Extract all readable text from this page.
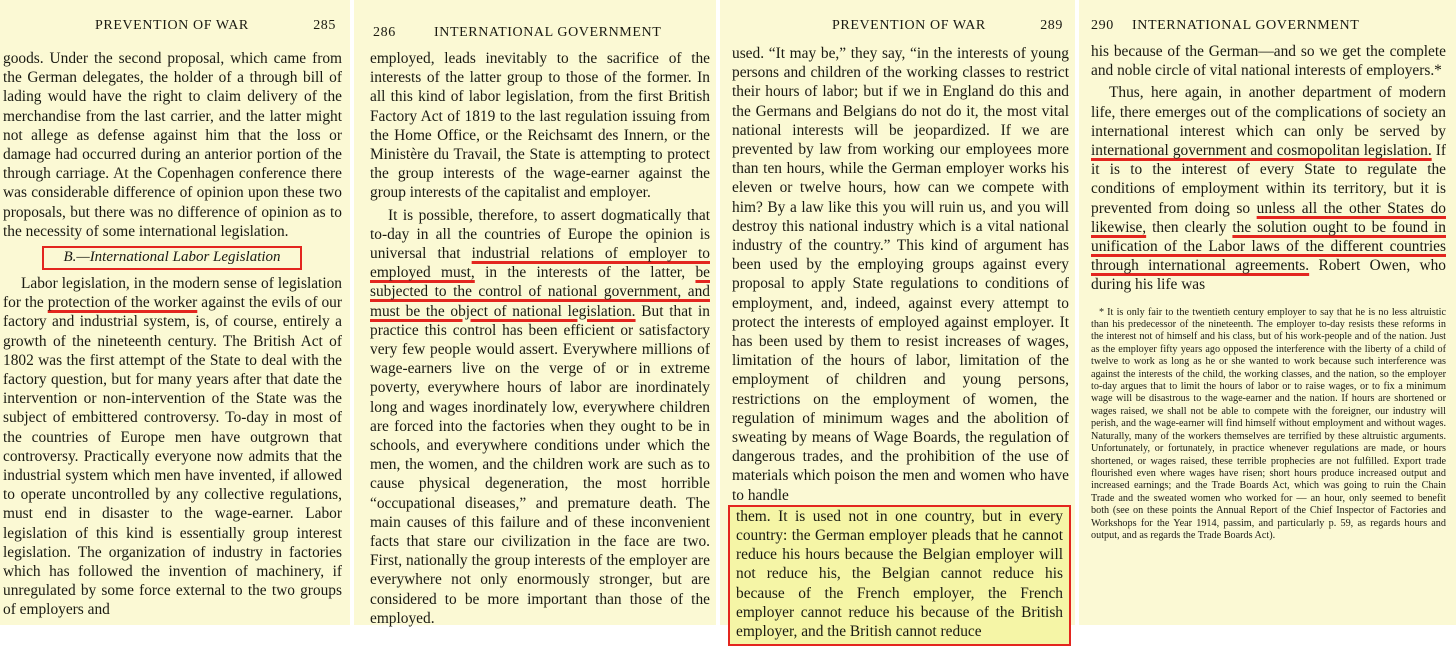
PREVENTION OF WAR	285

goods. Under the second proposal, which came from the German delegates, the holder of a through bill of lading would have the right to claim delivery of the merchandise from the last carrier, and the latter might not allege as defense against him that the loss or damage had occurred during an anterior portion of the through carriage. At the Copenhagen conference there was considerable difference of opinion upon these two proposals, but there was no difference of opinion as to the necessity of some international legislation.

B.—International Labor Legislation

Labor legislation, in the modern sense of legislation for the protection of the worker against the evils of our factory and industrial system, is, of course, entirely a growth of the nineteenth century. The British Act of 1802 was the first attempt of the State to deal with the factory question, but for many years after that date the intervention or non-intervention of the State was the subject of embittered controversy. To-day in most of the countries of Europe men have outgrown that controversy. Practically everyone now admits that the industrial system which men have invented, if allowed to operate uncontrolled by any collective regulations, must end in disaster to the wage-earner. Labor legislation of this kind is essentially group interest legislation. The organization of industry in factories which has followed the invention of machinery, if unregulated by some force external to the two groups of employers and

286	INTERNATIONAL GOVERNMENT

employed, leads inevitably to the sacrifice of the interests of the latter group to those of the former. In all this kind of labor legislation, from the first British Factory Act of 1819 to the last regulation issuing from the Home Office, or the Reichsamt des Innern, or the Ministère du Travail, the State is attempting to protect the group interests of the wage-earner against the group interests of the capitalist and employer.

It is possible, therefore, to assert dogmatically that to-day in all the countries of Europe the opinion is universal that industrial relations of employer to employed must, in the interests of the latter, be subjected to the control of national government, and must be the object of national legislation. But that in practice this control has been efficient or satisfactory very few people would assert. Everywhere millions of wage-earners live on the verge of or in extreme poverty, everywhere hours of labor are inordinately long and wages inordinately low, everywhere children are forced into the factories when they ought to be in schools, and everywhere conditions under which the men, the women, and the children work are such as to cause physical degeneration, the most horrible “occupational diseases,” and premature death. The main causes of this failure and of these inconvenient facts that stare our civilization in the face are two. First, nationally the group interests of the employer are everywhere not only enormously stronger, but are considered to be more important than those of the employed.

PREVENTION OF WAR	289

used. “It may be,” they say, “in the interests of young persons and children of the working classes to restrict their hours of labor; but if we in England do this and the Germans and Belgians do not do it, the most vital national interests will be jeopardized. If we are prevented by law from working our employees more than ten hours, while the German employer works his eleven or twelve hours, how can we compete with him? By a law like this you will ruin us, and you will destroy this national industry which is a vital national industry of the country.” This kind of argument has been used by the employing groups against every proposal to apply State regulations to conditions of employment, and, indeed, against every attempt to protect the interests of employed against employer. It has been used by them to resist increases of wages, limitation of the hours of labor, limitation of the employment of children and young persons, restrictions on the employment of women, the regulation of minimum wages and the abolition of sweating by means of Wage Boards, the regulation of dangerous trades, and the prohibition of the use of materials which poison the men and women who have to handle

them. It is used not in one country, but in every country: the German employer pleads that he cannot reduce his hours because the Belgian employer will not reduce his, the Belgian cannot reduce his because of the French employer, the French employer cannot reduce his because of the British employer, and the British cannot reduce

290 INTERNATIONAL GOVERNMENT

his because of the German—and so we get the complete and noble circle of vital national interests of employers.*

Thus, here again, in another department of modern life, there emerges out of the complications of society an international interest which can only be served by international government and cosmopolitan legislation. If it is to the interest of every State to regulate the conditions of employment within its territory, but it is prevented from doing so unless all the other States do likewise, then clearly the solution ought to be found in unification of the Labor laws of the different countries through international agreements. Robert Owen, who during his life was

* It is only fair to the twentieth century employer to say that he is no less altruistic than his predecessor of the nineteenth. The employer to-day resists these reforms in the interest not of himself and his class, but of his work-people and of the nation. Just as the employer fifty years ago opposed the interference with the liberty of a child of twelve to work as long as he or she wanted to work because such interference was against the interests of the child, the working classes, and the nation, so the employer to-day argues that to limit the hours of labor or to raise wages, or to fix a minimum wage will be disastrous to the wage-earner and the nation. If hours are shortened or wages raised, we shall not be able to compete with the foreigner, our industry will perish, and the wage-earner will find himself without employment and without wages. Naturally, many of the workers themselves are terrified by these altruistic arguments. Unfortunately, or fortunately, in practice whenever regulations are made, or hours shortened, or wages raised, these terrible prophecies are not fulfilled. Export trade flourished even where wages have risen; short hours produce increased output and increased earnings; and the Trade Boards Act, which was going to ruin the Chain Trade and the sweated women who worked for — an hour, only seemed to benefit both (see on these points the Annual Report of the Chief Inspector of Factories and Workshops for the Year 1914, passim, and particularly p. 59, as regards hours and output, and as regards the Trade Boards Act).
